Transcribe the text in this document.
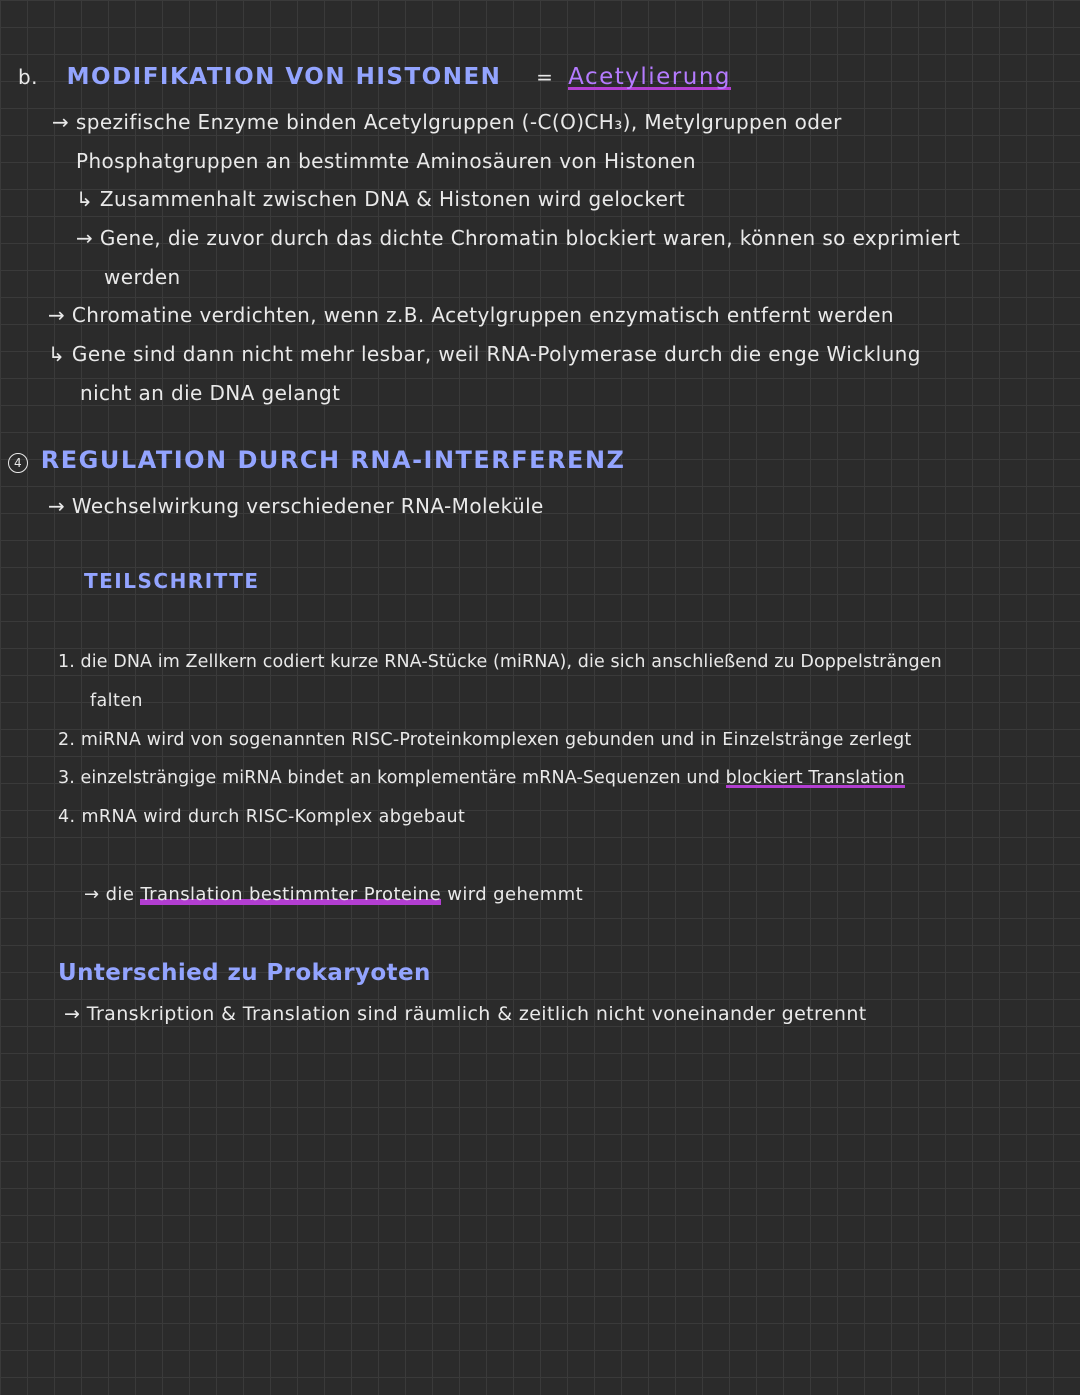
b. MODIFIKATION VON HISTONEN = Acetylierung
→ spezifische Enzyme binden Acetylgruppen (-C(O)CH₃), Metylgruppen oder
Phosphatgruppen an bestimmte Aminosäuren von Histonen
↳ Zusammenhalt zwischen DNA & Histonen wird gelockert
→ Gene, die zuvor durch das dichte Chromatin blockiert waren, können so exprimiert
werden
→ Chromatine verdichten, wenn z.B. Acetylgruppen enzymatisch entfernt werden
↳ Gene sind dann nicht mehr lesbar, weil RNA-Polymerase durch die enge Wicklung
nicht an die DNA gelangt
4 REGULATION DURCH RNA-INTERFERENZ
→ Wechselwirkung verschiedener RNA-Moleküle
TEILSCHRITTE
1. die DNA im Zellkern codiert kurze RNA-Stücke (miRNA), die sich anschließend zu Doppelsträngen
falten
2. miRNA wird von sogenannten RISC-Proteinkomplexen gebunden und in Einzelstränge zerlegt
3. einzelsträngige miRNA bindet an komplementäre mRNA-Sequenzen und blockiert Translation
4. mRNA wird durch RISC-Komplex abgebaut
→ die Translation bestimmter Proteine wird gehemmt
Unterschied zu Prokaryoten
→ Transkription & Translation sind räumlich & zeitlich nicht voneinander getrennt
